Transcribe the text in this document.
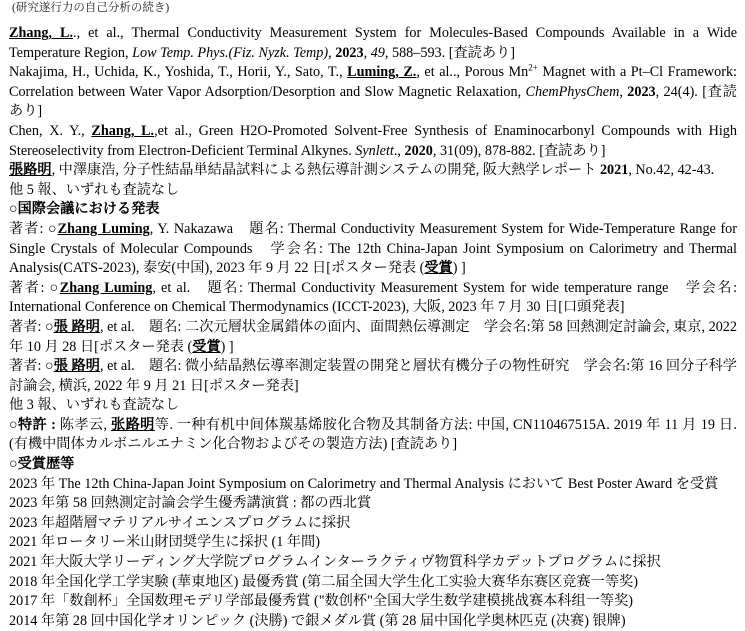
(研究遂行力の自己分析の続き)

Zhang, L.., et al., Thermal Conductivity Measurement System for Molecules-Based Compounds Available in a Wide Temperature Region, Low Temp. Phys.(Fiz. Nyzk. Temp), 2023, 49, 588–593. [査読あり]

Nakajima, H., Uchida, K., Yoshida, T., Horii, Y., Sato, T., Luming, Z., et al.., Porous $Mn^{2+}$ Magnet with a Pt–Cl Framework: Correlation between Water Vapor Adsorption/Desorption and Slow Magnetic Relaxation, ChemPhysChem, 2023, 24(4). [査読あり]

Chen, X. Y., Zhang, L.,et al., Green H2O-Promoted Solvent-Free Synthesis of Enaminocarbonyl Compounds with High Stereoselectivity from Electron-Deficient Terminal Alkynes. Synlett., 2020, 31(09), 878-882. [査読あり]

張路明, 中澤康浩, 分子性結晶単結晶試料による熱伝導計測システムの開発, 阪大熱学レポート 2021, No.42, 42-43.

他 5 報、いずれも査読なし

○国際会議における発表

著者: ○Zhang Luming, Y. Nakazawa　題名: Thermal Conductivity Measurement System for Wide-Temperature Range for Single Crystals of Molecular Compounds　学会名: The 12th China-Japan Joint Symposium on Calorimetry and Thermal Analysis(CATS-2023), 泰安(中国), 2023 年 9 月 22 日[ポスター発表 (受賞) ]

著者: ○Zhang Luming, et al.　題名: Thermal Conductivity Measurement System for wide temperature range　学会名: International Conference on Chemical Thermodynamics (ICCT-2023), 大阪, 2023 年 7 月 30 日[口頭発表]

著者: ○張 路明, et al.　題名: 二次元層状金属錯体の面内、面間熱伝導測定　学会名:第 58 回熱測定討論会, 東京, 2022 年 10 月 28 日[ポスター発表 (受賞) ]

著者: ○張 路明, et al.　題名: 微小結晶熱伝導率測定装置の開発と層状有機分子の物性研究　学会名:第 16 回分子科学討論会, 横浜, 2022 年 9 月 21 日[ポスター発表]

他 3 報、いずれも査読なし

○特許 : 陈孝云, 张路明等. 一种有机中间体羰基烯胺化合物及其制备方法: 中国, CN110467515A. 2019 年 11 月 19 日. (有機中間体カルボニルエナミン化合物およびその製造方法) [査読あり]

○受賞歴等

2023 年 The 12th China-Japan Joint Symposium on Calorimetry and Thermal Analysis において Best Poster Award を受賞

2023 年第 58 回熱測定討論会学生優秀講演賞 : 都の西北賞

2023 年超階層マテリアルサイエンスプログラムに採択

2021 年ロータリー米山財団奨学生に採択 (1 年間)

2021 年大阪大学リーディング大学院プログラムインターラクティヴ物質科学カデットプログラムに採択

2018 年全国化学工学実験 (華東地区) 最優秀賞 (第二届全国大学生化工实验大赛华东赛区竞赛一等奖)

2017 年「数創杯」全国数理モデリ学部最優秀賞 ("数创杯"全国大学生数学建模挑战赛本科组一等奖)

2014 年第 28 回中国化学オリンピック (決勝) で銀メダル賞 (第 28 届中国化学奥林匹克 (决赛) 银牌)
